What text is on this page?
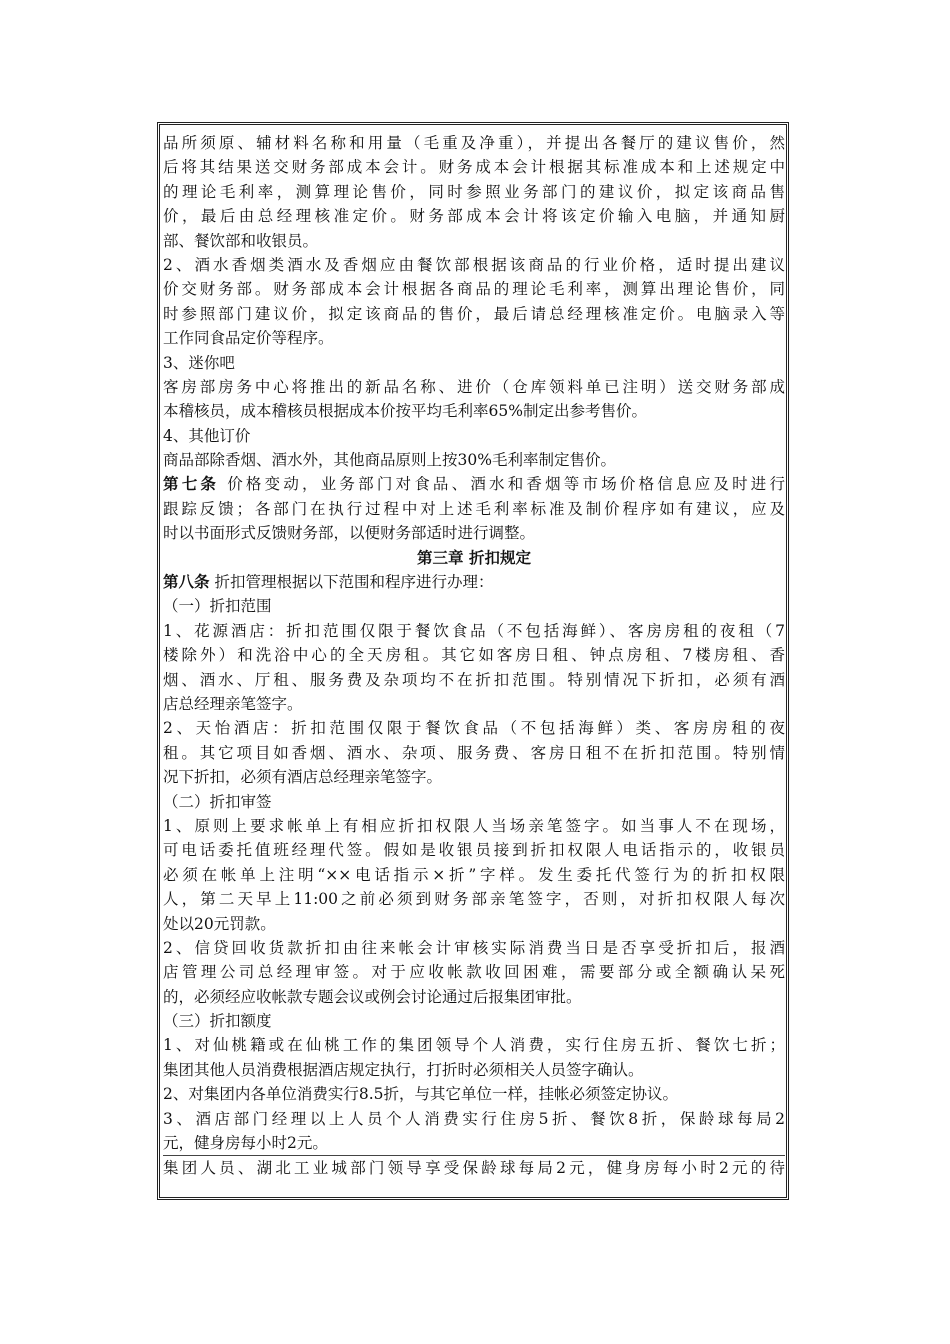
品所须原、辅材料名称和用量（毛重及净重），并提出各餐厅的建议售价，然
后将其结果送交财务部成本会计。财务成本会计根据其标准成本和上述规定中
的理论毛利率，测算理论售价，同时参照业务部门的建议价，拟定该商品售
价，最后由总经理核准定价。财务部成本会计将该定价输入电脑，并通知厨
部、餐饮部和收银员。
2、酒水香烟类酒水及香烟应由餐饮部根据该商品的行业价格，适时提出建议
价交财务部。财务部成本会计根据各商品的理论毛利率，测算出理论售价，同
时参照部门建议价，拟定该商品的售价，最后请总经理核准定价。电脑录入等
工作同食品定价等程序。
3、迷你吧
客房部房务中心将推出的新品名称、进价（仓库领料单已注明）送交财务部成
本稽核员，成本稽核员根据成本价按平均毛利率65%制定出参考售价。
4、其他订价
商品部除香烟、酒水外，其他商品原则上按30%毛利率制定售价。
第七条 价格变动，业务部门对食品、酒水和香烟等市场价格信息应及时进行
跟踪反馈；各部门在执行过程中对上述毛利率标准及制价程序如有建议，应及
时以书面形式反馈财务部，以便财务部适时进行调整。
第三章 折扣规定
第八条 折扣管理根据以下范围和程序进行办理：
（一）折扣范围
1、花源酒店：折扣范围仅限于餐饮食品（不包括海鲜）、客房房租的夜租（7
楼除外）和洗浴中心的全天房租。其它如客房日租、钟点房租、7楼房租、香
烟、酒水、厅租、服务费及杂项均不在折扣范围。特别情况下折扣，必须有酒
店总经理亲笔签字。
2、天怡酒店：折扣范围仅限于餐饮食品（不包括海鲜）类、客房房租的夜
租。其它项目如香烟、酒水、杂项、服务费、客房日租不在折扣范围。特别情
况下折扣，必须有酒店总经理亲笔签字。
（二）折扣审签
1、原则上要求帐单上有相应折扣权限人当场亲笔签字。如当事人不在现场，
可电话委托值班经理代签。假如是收银员接到折扣权限人电话指示的，收银员
必须在帐单上注明“××电话指示×折”字样。发生委托代签行为的折扣权限
人，第二天早上11:00之前必须到财务部亲笔签字，否则，对折扣权限人每次
处以20元罚款。
2、信贷回收货款折扣由往来帐会计审核实际消费当日是否享受折扣后，报酒
店管理公司总经理审签。对于应收帐款收回困难，需要部分或全额确认呆死
的，必须经应收帐款专题会议或例会讨论通过后报集团审批。
（三）折扣额度
1、对仙桃籍或在仙桃工作的集团领导个人消费，实行住房五折、餐饮七折；
集团其他人员消费根据酒店规定执行，打折时必须相关人员签字确认。
2、对集团内各单位消费实行8.5折，与其它单位一样，挂帐必须签定协议。
3、酒店部门经理以上人员个人消费实行住房5折、餐饮8折，保龄球每局2
元，健身房每小时2元。
集团人员、湖北工业城部门领导享受保龄球每局2元，健身房每小时2元的待
